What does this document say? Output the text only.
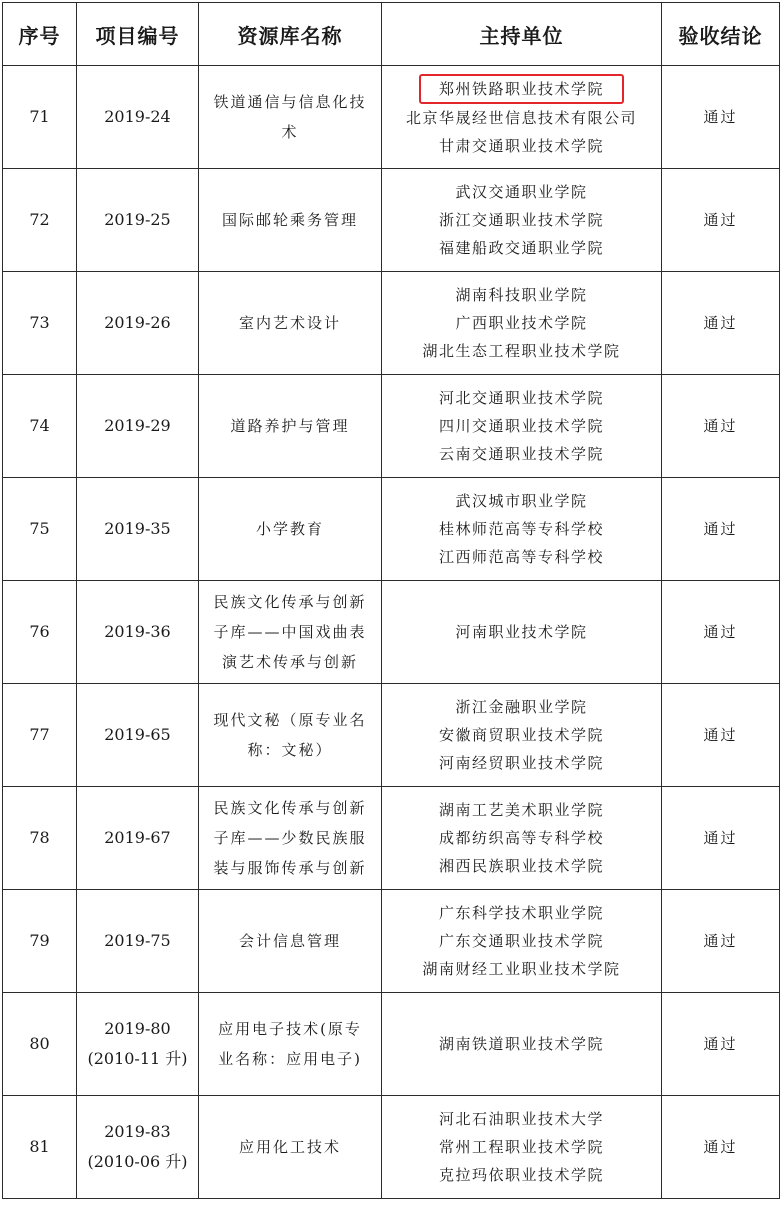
序号	项目编号	资源库名称	主持单位	验收结论
71	2019-24	铁道通信与信息化技术	郑州铁路职业技术学院

北京华晟经世信息技术有限公司
甘肃交通职业技术学院	通过
72	2019-25	国际邮轮乘务管理	武汉交通职业学院
浙江交通职业技术学院
福建船政交通职业学院	通过
73	2019-26	室内艺术设计	湖南科技职业学院
广西职业技术学院
湖北生态工程职业技术学院	通过
74	2019-29	道路养护与管理	河北交通职业技术学院
四川交通职业技术学院
云南交通职业技术学院	通过
75	2019-35	小学教育	武汉城市职业学院
桂林师范高等专科学校
江西师范高等专科学校	通过
76	2019-36	民族文化传承与创新子库——中国戏曲表演艺术传承与创新	河南职业技术学院	通过
77	2019-65	现代文秘（原专业名称：文秘）	浙江金融职业学院
安徽商贸职业技术学院
河南经贸职业技术学院	通过
78	2019-67	民族文化传承与创新子库——少数民族服装与服饰传承与创新	湖南工艺美术职业学院
成都纺织高等专科学校
湘西民族职业技术学院	通过
79	2019-75	会计信息管理	广东科学技术职业学院
广东交通职业技术学院
湖南财经工业职业技术学院	通过
80	2019-80
(2010-11 升)	应用电子技术(原专业名称：应用电子)	湖南铁道职业技术学院	通过
81	2019-83
(2010-06 升)	应用化工技术	河北石油职业技术大学
常州工程职业技术学院
克拉玛依职业技术学院	通过
